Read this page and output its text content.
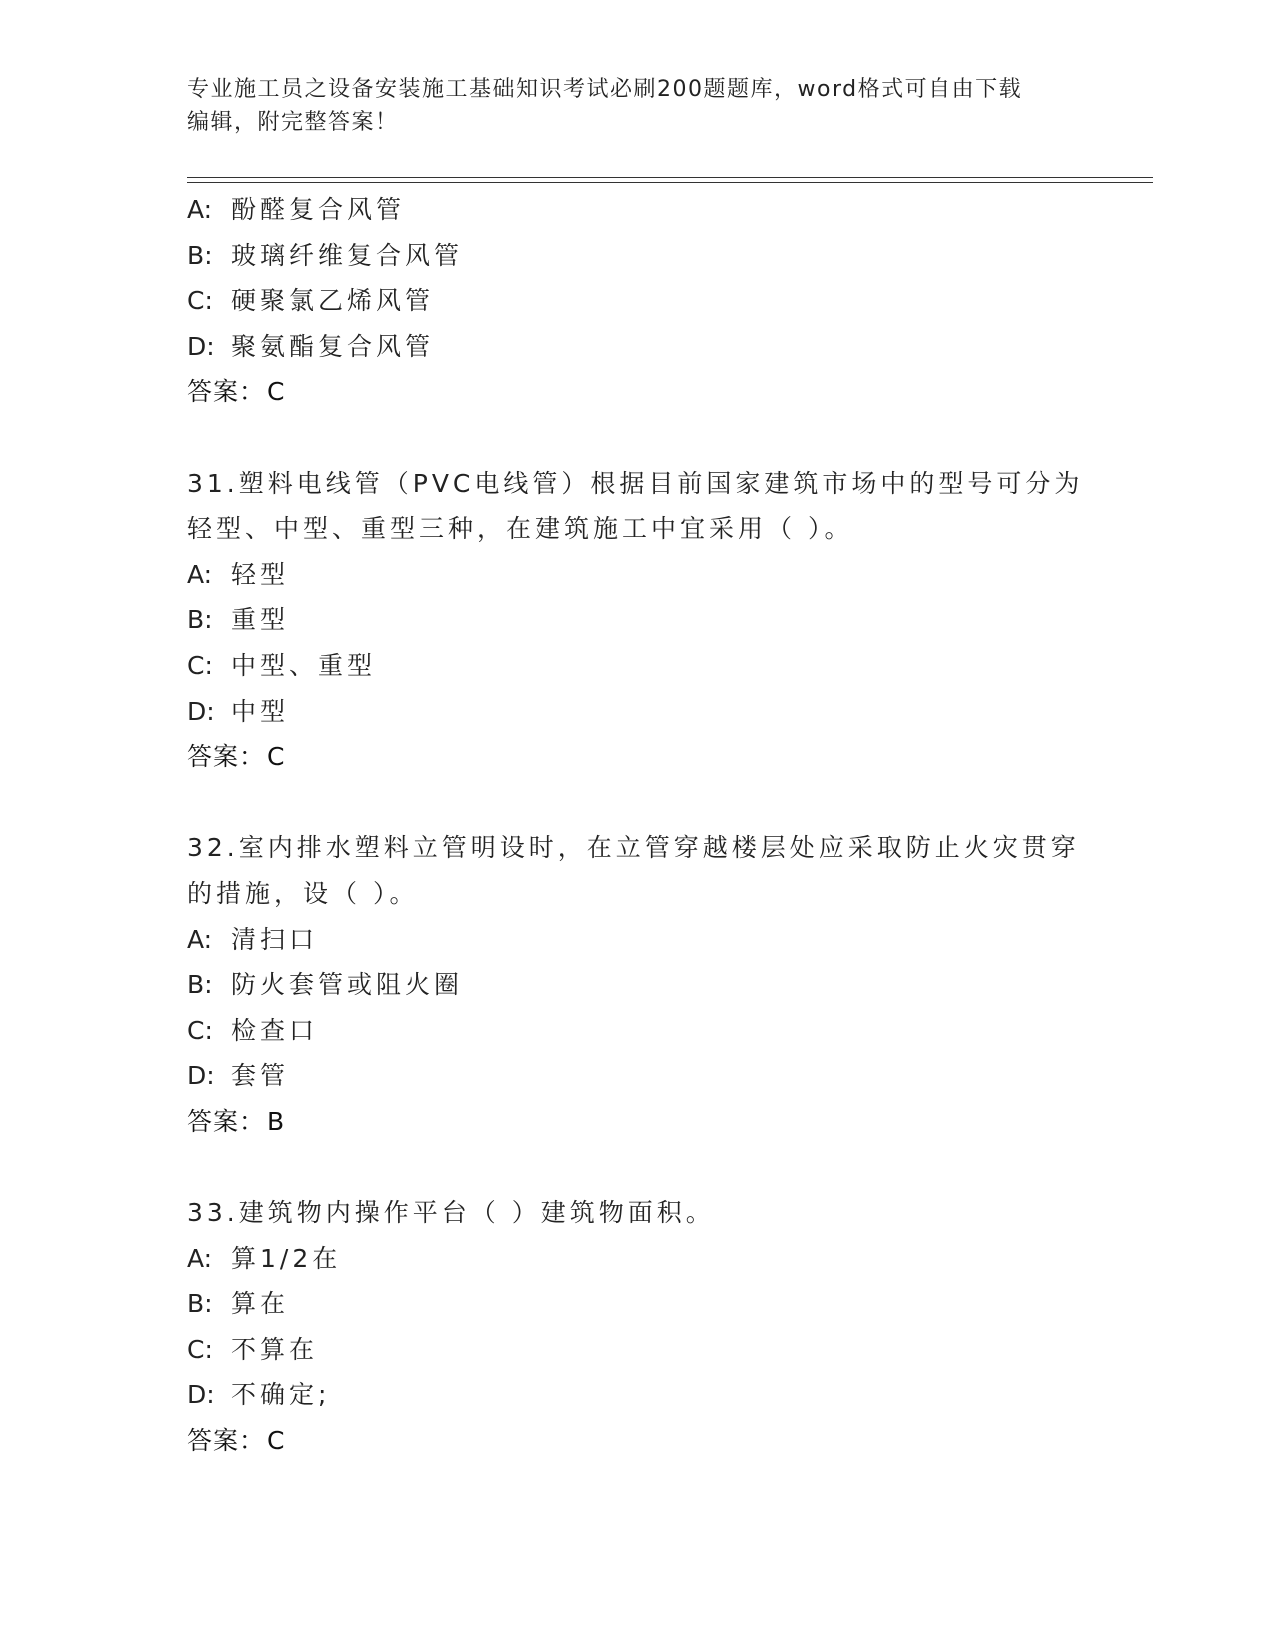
专业施工员之设备安装施工基础知识考试必刷200题题库，word格式可自由下载
编辑，附完整答案！
A: 酚醛复合风管
B: 玻璃纤维复合风管
C: 硬聚氯乙烯风管
D: 聚氨酯复合风管
答案：C
31.塑料电线管（PVC电线管）根据目前国家建筑市场中的型号可分为
轻型、中型、重型三种，在建筑施工中宜采用（ ）。
A: 轻型
B: 重型
C: 中型、重型
D: 中型
答案：C
32.室内排水塑料立管明设时，在立管穿越楼层处应采取防止火灾贯穿
的措施，设（ ）。
A: 清扫口
B: 防火套管或阻火圈
C: 检查口
D: 套管
答案：B
33.建筑物内操作平台（ ）建筑物面积。
A: 算1/2在
B: 算在
C: 不算在
D: 不确定;
答案：C
